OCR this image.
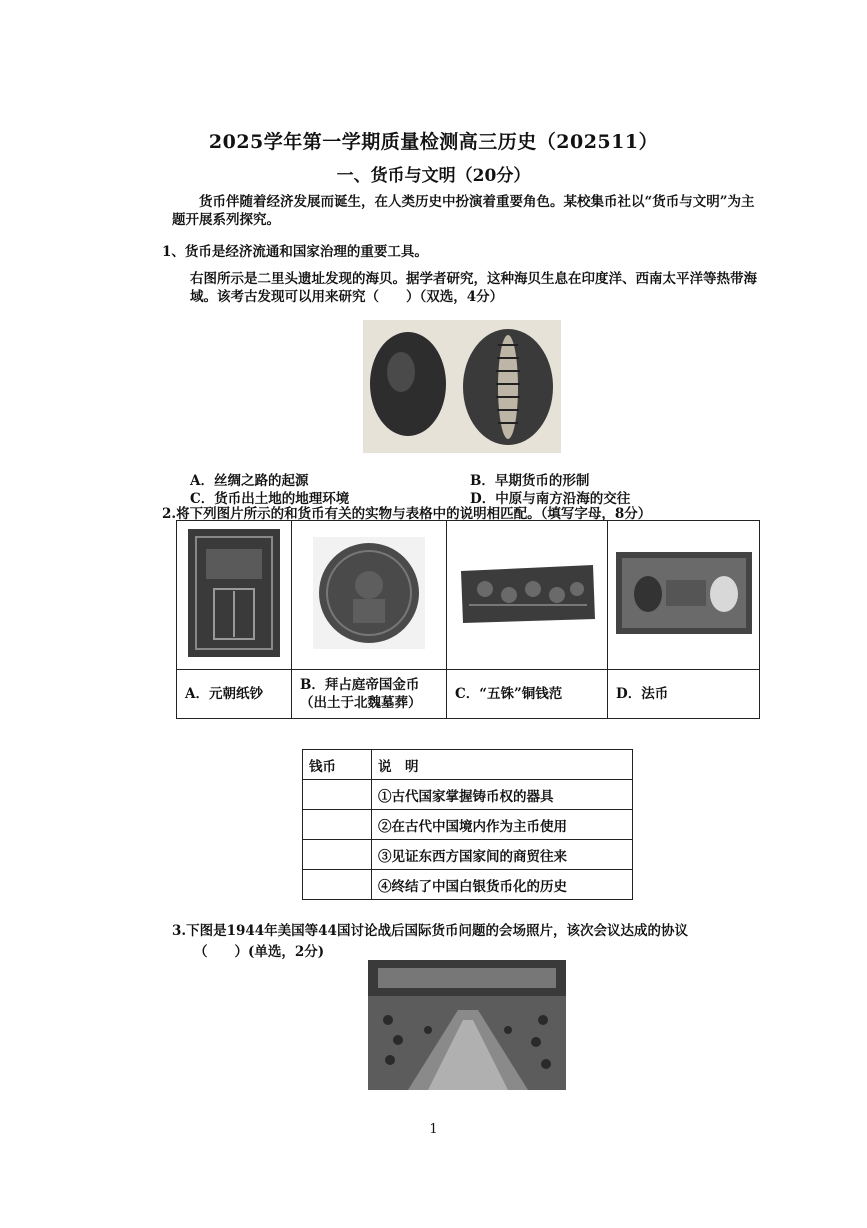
2025学年第一学期质量检测高三历史（202511）
一、货币与文明（20分）
货币伴随着经济发展而诞生，在人类历史中扮演着重要角色。某校集币社以“货币与文明”为主题开展系列探究。
1、货币是经济流通和国家治理的重要工具。
右图所示是二里头遗址发现的海贝。据学者研究，这种海贝生息在印度洋、西南太平洋等热带海域。该考古发现可以用来研究（　　）（双选，4分）
A．丝绸之路的起源	B．早期货币的形制
C．货币出土地的地理环境	D．中原与南方沿海的交往
2.将下列图片所示的和货币有关的实物与表格中的说明相匹配。（填写字母，8分）

A．元朝纸钞	B．拜占庭帝国金币（出土于北魏墓葬）	C．“五铢”铜钱范	D．法币
钱币	说　明
	①古代国家掌握铸币权的器具
	②在古代中国境内作为主币使用
	③见证东西方国家间的商贸往来
	④终结了中国白银货币化的历史
3.下图是1944年美国等44国讨论战后国际货币问题的会场照片，该次会议达成的协议
（　　）(单选，2分)
1
